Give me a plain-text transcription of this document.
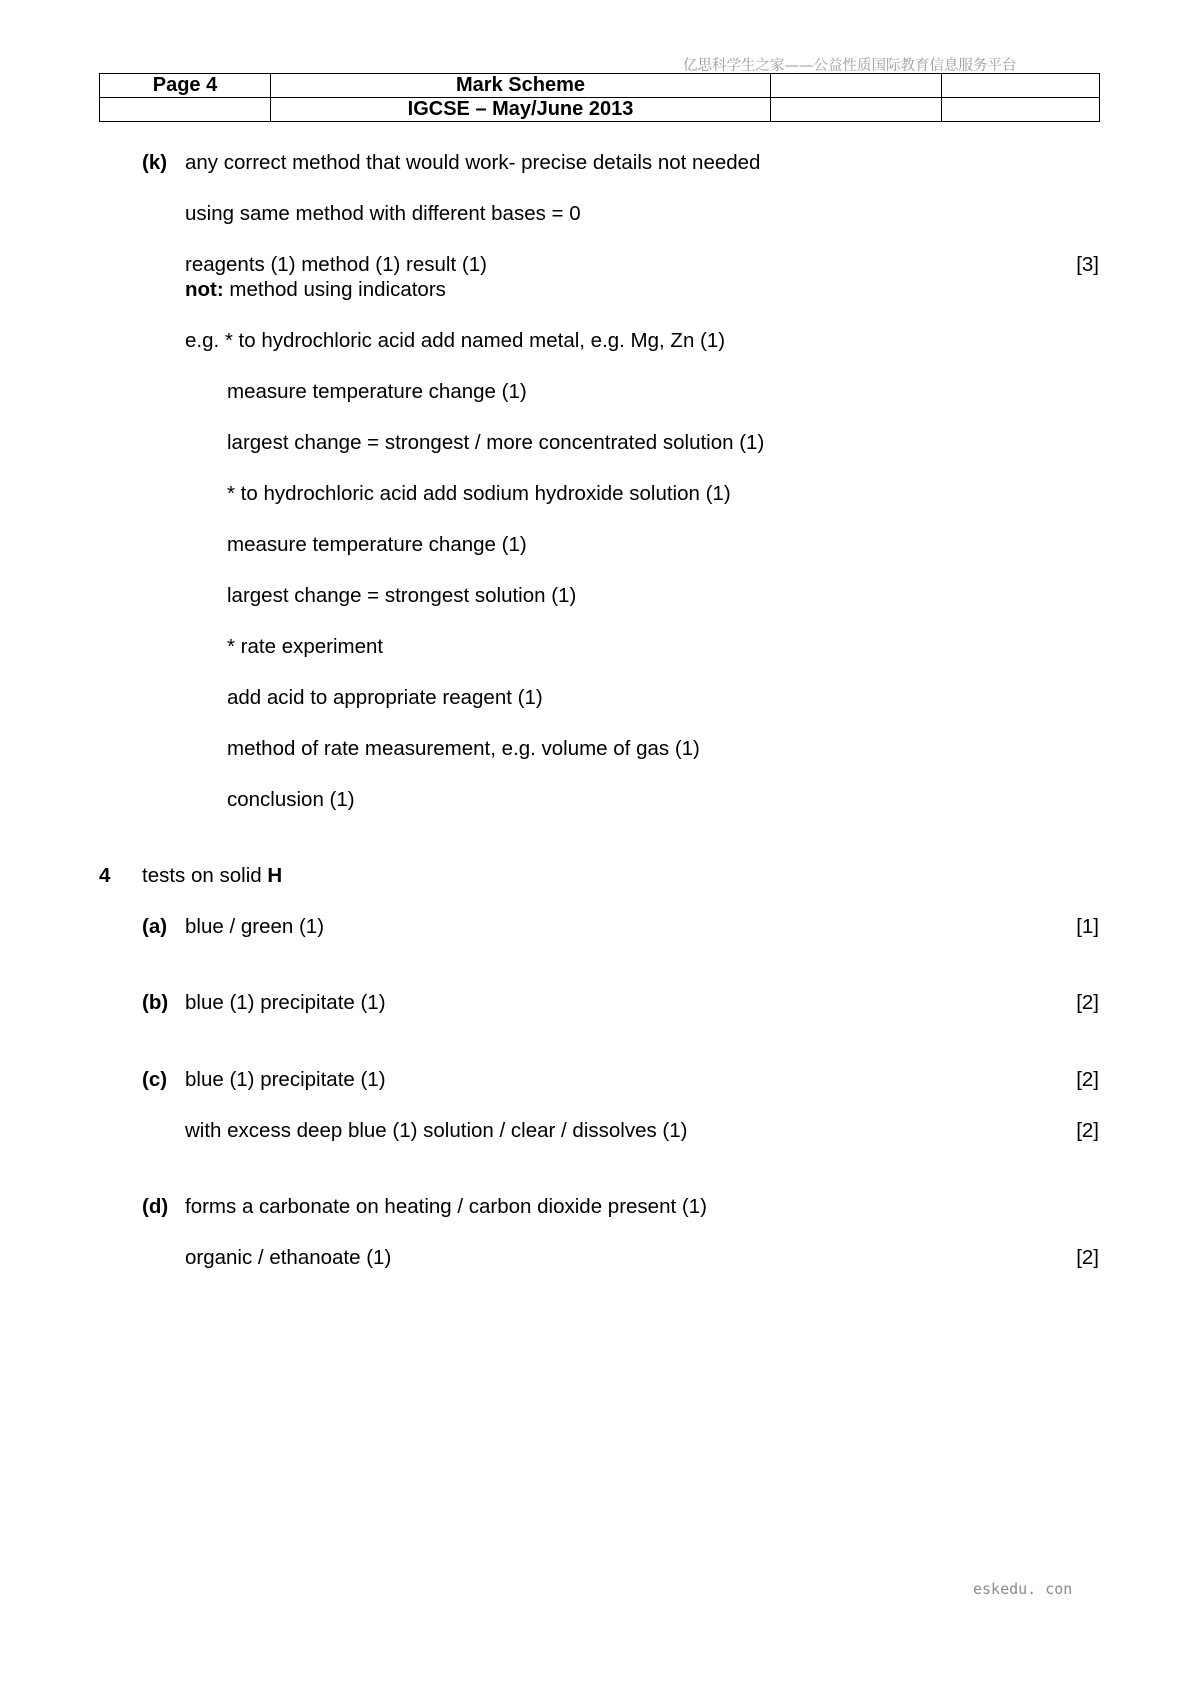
亿思科学生之家——公益性质国际教育信息服务平台
eskedu. con
Page 4	Mark Scheme		
	IGCSE – May/June 2013		
(k) any correct method that would work- precise details not needed
using same method with different bases = 0
reagents (1) method (1) result (1)	[3]
not: method using indicators
e.g. * to hydrochloric acid add named metal, e.g. Mg, Zn (1)
measure temperature change (1)
largest change = strongest / more concentrated solution (1)
* to hydrochloric acid add sodium hydroxide solution (1)
measure temperature change (1)
largest change = strongest solution (1)
* rate experiment
add acid to appropriate reagent (1)
method of rate measurement, e.g. volume of gas (1)
conclusion (1)
4 tests on solid H
(a) blue / green (1)	[1]
(b) blue (1) precipitate (1)	[2]
(c) blue (1) precipitate (1)	[2]
with excess deep blue (1) solution / clear / dissolves (1)	[2]
(d) forms a carbonate on heating / carbon dioxide present (1)
organic / ethanoate (1)	[2]
